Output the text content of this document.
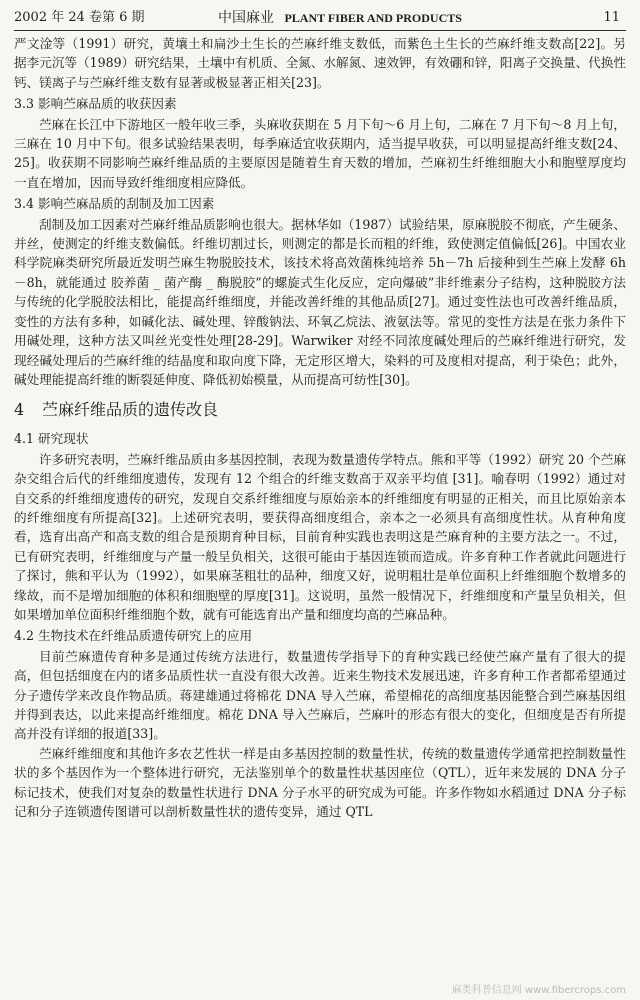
2002 年 24 卷第 6 期	中国麻业 PLANT FIBER AND PRODUCTS	11

严文淦等（1991）研究，黄壤土和扁沙土生长的苎麻纤维支数低，而紫色土生长的苎麻纤维支数高[22]。另据李元沉等（1989）研究结果，土壤中有机质、全氮、水解氮、速效钾，有效硼和锌，阳离子交换量、代换性钙、镁离子与苎麻纤维支数有显著或极显著正相关[23]。

3.3 影响苎麻品质的收获因素

苎麻在长江中下游地区一般年收三季，头麻收获期在 5 月下旬～6 月上旬，二麻在 7 月下旬～8 月上旬，三麻在 10 月中下旬。很多试验结果表明，每季麻适宜收获期内，适当提早收获，可以明显提高纤维支数[24、25]。收获期不同影响苎麻纤维品质的主要原因是随着生育天数的增加，苎麻初生纤维细胞大小和胞壁厚度均一直在增加，因而导致纤维细度相应降低。

3.4 影响苎麻品质的刮制及加工因素

刮制及加工因素对苎麻纤维品质影响也很大。据林华如（1987）试验结果，原麻脱胶不彻底，产生硬条、并丝，使测定的纤维支数偏低。纤维切割过长，则测定的都是长而粗的纤维，致使测定值偏低[26]。中国农业科学院麻类研究所最近发明苎麻生物脱胶技术，该技术将高效菌株纯培养 5h－7h 后接种到生苎麻上发酵 6h－8h，就能通过 胶养菌 _ 菌产酶 _ 酶脱胶”的螺旋式生化反应，定向爆破”非纤维素分子结构，这种脱胶方法与传统的化学脱胶法相比，能提高纤维细度，并能改善纤维的其他品质[27]。通过变性法也可改善纤维品质，变性的方法有多种，如碱化法、碱处理、锌酸钠法、环氧乙烷法、液氨法等。常见的变性方法是在张力条件下用碱处理，这种方法又叫丝光变性处理[28-29]。Warwiker 对经不同浓度碱处理后的苎麻纤维进行研究，发现经碱处理后的苎麻纤维的结晶度和取向度下降，无定形区增大，染料的可及度相对提高，利于染色；此外，碱处理能提高纤维的断裂延伸度、降低初始模量，从而提高可纺性[30]。

4 苎麻纤维品质的遗传改良
4.1 研究现状

许多研究表明，苎麻纤维品质由多基因控制，表现为数量遗传学特点。熊和平等（1992）研究 20 个苎麻杂交组合后代的纤维细度遗传，发现有 12 个组合的纤维支数高于双亲平均值 [31]。喻春明（1992）通过对自交系的纤维细度遗传的研究，发现自交系纤维细度与原始亲本的纤维细度有明显的正相关，而且比原始亲本的纤维细度有所提高[32]。上述研究表明，要获得高细度组合，亲本之一必须具有高细度性状。从育种角度看，选育出高产和高支数的组合是预期育种目标，目前育种实践也表明这是苎麻育种的主要方法之一。不过，已有研究表明，纤维细度与产量一般呈负相关，这很可能由于基因连锁而造成。许多育种工作者就此问题进行了探讨，熊和平认为（1992），如果麻茎粗壮的品种，细度又好，说明粗壮是单位面积上纤维细胞个数增多的缘故，而不是增加细胞的体积和细胞壁的厚度[31]。这说明，虽然一般情况下，纤维细度和产量呈负相关，但如果增加单位面积纤维细胞个数，就有可能选育出产量和细度均高的苎麻品种。

4.2 生物技术在纤维品质遗传研究上的应用

目前苎麻遗传育种多是通过传统方法进行，数量遗传学指导下的育种实践已经使苎麻产量有了很大的提高，但包括细度在内的诸多品质性状一直没有很大改善。近来生物技术发展迅速，许多育种工作者都希望通过分子遗传学来改良作物品质。蒋建雄通过将棉花 DNA 导入苎麻，希望棉花的高细度基因能整合到苎麻基因组并得到表达，以此来提高纤维细度。棉花 DNA 导入苎麻后，苎麻叶的形态有很大的变化，但细度是否有所提高并没有详细的报道[33]。

苎麻纤维细度和其他许多农艺性状一样是由多基因控制的数量性状，传统的数量遗传学通常把控制数量性状的多个基因作为一个整体进行研究，无法鉴别单个的数量性状基因座位（QTL），近年来发展的 DNA 分子标记技术，使我们对复杂的数量性状进行 DNA 分子水平的研究成为可能。许多作物如水稻通过 DNA 分子标记和分子连锁遗传图谱可以剖析数量性状的遗传变异，通过 QTL

麻类科普信息网 www.fibercrops.com
